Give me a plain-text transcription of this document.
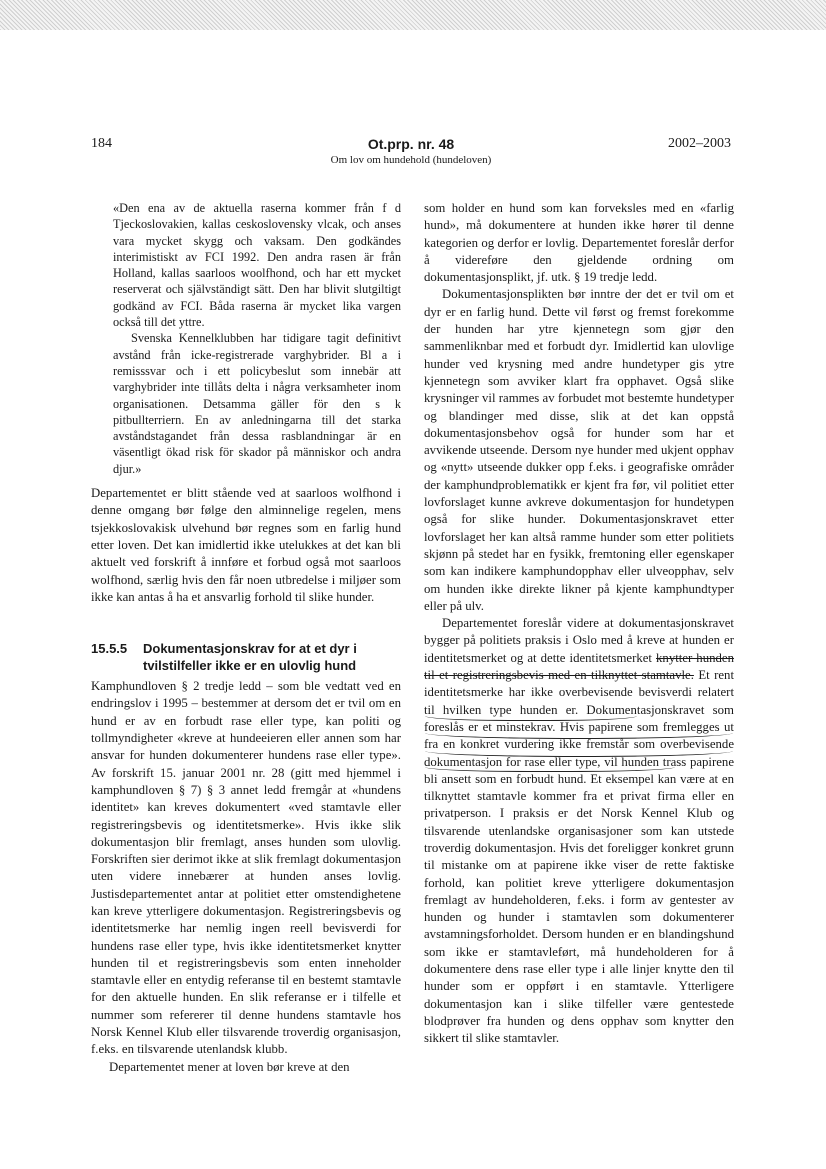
184	Ot.prp. nr. 48
Om lov om hundehold (hundeloven)
2002–2003

«Den ena av de aktuella raserna kommer från f d Tjeckoslovakien, kallas ceskoslovensky vlcak, och anses vara mycket skygg och vaksam. Den godkändes interimistiskt av FCI 1992. Den andra rasen är från Holland, kallas saarloos woolfhond, och har ett mycket reserverat och självständigt sätt. Den har blivit slutgiltigt godkänd av FCI. Båda raserna är mycket lika vargen också till det yttre.

Svenska Kennelklubben har tidigare tagit definitivt avstånd från icke-registrerade varghybrider. Bl a i remisssvar och i ett policybeslut som innebär att varghybrider inte tillåts delta i några verksamheter inom organisationen. Detsamma gäller för den s k pitbullterriern. En av anledningarna till det starka avståndstagandet från dessa rasblandningar är en väsentligt ökad risk för skador på människor och andra djur.»

Departementet er blitt stående ved at saarloos wolfhond i denne omgang bør følge den alminnelige regelen, mens tsjekkoslovakisk ulvehund bør regnes som en farlig hund etter loven. Det kan imidlertid ikke utelukkes at det kan bli aktuelt ved forskrift å innføre et forbud også mot saarloos wolfhond, særlig hvis den får noen utbredelse i miljøer som ikke kan antas å ha et ansvarlig forhold til slike hunder.

15.5.5	Dokumentasjonskrav for at et dyr i tvilstilfeller ikke er en ulovlig hund

Kamphundloven § 2 tredje ledd – som ble vedtatt ved en endringslov i 1995 – bestemmer at dersom det er tvil om en hund er av en forbudt rase eller type, kan politi og tollmyndigheter «kreve at hundeeieren eller annen som har ansvar for hunden dokumenterer hundens rase eller type». Av forskrift 15. januar 2001 nr. 28 (gitt med hjemmel i kamphundloven § 7) § 3 annet ledd fremgår at «hundens identitet» kan kreves dokumentert «ved stamtavle eller registreringsbevis og identitetsmerke». Hvis ikke slik dokumentasjon blir fremlagt, anses hunden som ulovlig. Forskriften sier derimot ikke at slik fremlagt dokumentasjon uten videre innebærer at hunden anses lovlig. Justisdepartementet antar at politiet etter omstendighetene kan kreve ytterligere dokumentasjon. Registreringsbevis og identitetsmerke har nemlig ingen reell bevisverdi for hundens rase eller type, hvis ikke identitetsmerket knytter hunden til et registreringsbevis som enten inneholder stamtavle eller en entydig referanse til en bestemt stamtavle for den aktuelle hunden. En slik referanse er i tilfelle et nummer som refererer til denne hundens stamtavle hos Norsk Kennel Klub eller tilsvarende troverdig organisasjon, f.eks. en tilsvarende utenlandsk klubb.

Departementet mener at loven bør kreve at den

som holder en hund som kan forveksles med en «farlig hund», må dokumentere at hunden ikke hører til denne kategorien og derfor er lovlig. Departementet foreslår derfor å videreføre den gjeldende ordning om dokumentasjonsplikt, jf. utk. § 19 tredje ledd.

Dokumentasjonsplikten bør inntre der det er tvil om et dyr er en farlig hund. Dette vil først og fremst forekomme der hunden har ytre kjennetegn som gjør den sammenliknbar med et forbudt dyr. Imidlertid kan ulovlige hunder ved krysning med andre hundetyper gis ytre kjennetegn som avviker klart fra opphavet. Også slike krysninger vil rammes av forbudet mot bestemte hundetyper og blandinger med disse, slik at det kan oppstå dokumentasjonsbehov også for hunder som har et avvikende utseende. Dersom nye hunder med ukjent opphav og «nytt» utseende dukker opp f.eks. i geografiske områder der kamphundproblematikk er kjent fra før, vil politiet etter lovforslaget kunne avkreve dokumentasjon for hundetypen også for slike hunder. Dokumentasjonskravet etter lovforslaget her kan altså ramme hunder som etter politiets skjønn på stedet har en fysikk, fremtoning eller egenskaper som kan indikere kamphundopphav eller ulveopphav, selv om hunden ikke direkte likner på kjente kamphundtyper eller på ulv.

Departementet foreslår videre at dokumentasjonskravet bygger på politiets praksis i Oslo med å kreve at hunden er identitetsmerket og at dette identitetsmerket knytter hunden til et registreringsbevis med en tilknyttet stamtavle. Et rent identitetsmerke har ikke overbevisende bevisverdi relatert til hvilken type hunden er. Dokumentasjonskravet som foreslås er et minstekrav. Hvis papirene som fremlegges ut fra en konkret vurdering ikke fremstår som overbevisende dokumentasjon for rase eller type, vil hunden trass papirene bli ansett som en forbudt hund. Et eksempel kan være at en tilknyttet stamtavle kommer fra et privat firma eller en privatperson. I praksis er det Norsk Kennel Klub og tilsvarende utenlandske organisasjoner som kan utstede troverdig dokumentasjon. Hvis det foreligger konkret grunn til mistanke om at papirene ikke viser de rette faktiske forhold, kan politiet kreve ytterligere dokumentasjon fremlagt av hundeholderen, f.eks. i form av gentester av hunden og hunder i stamtavlen som dokumenterer avstamningsforholdet. Dersom hunden er en blandingshund som ikke er stamtavleført, må hundeholderen for å dokumentere dens rase eller type i alle linjer knytte den til hunder som er oppført i en stamtavle. Ytterligere dokumentasjon kan i slike tilfeller være gentestede blodprøver fra hunden og dens opphav som knytter den sikkert til slike stamtavler.
